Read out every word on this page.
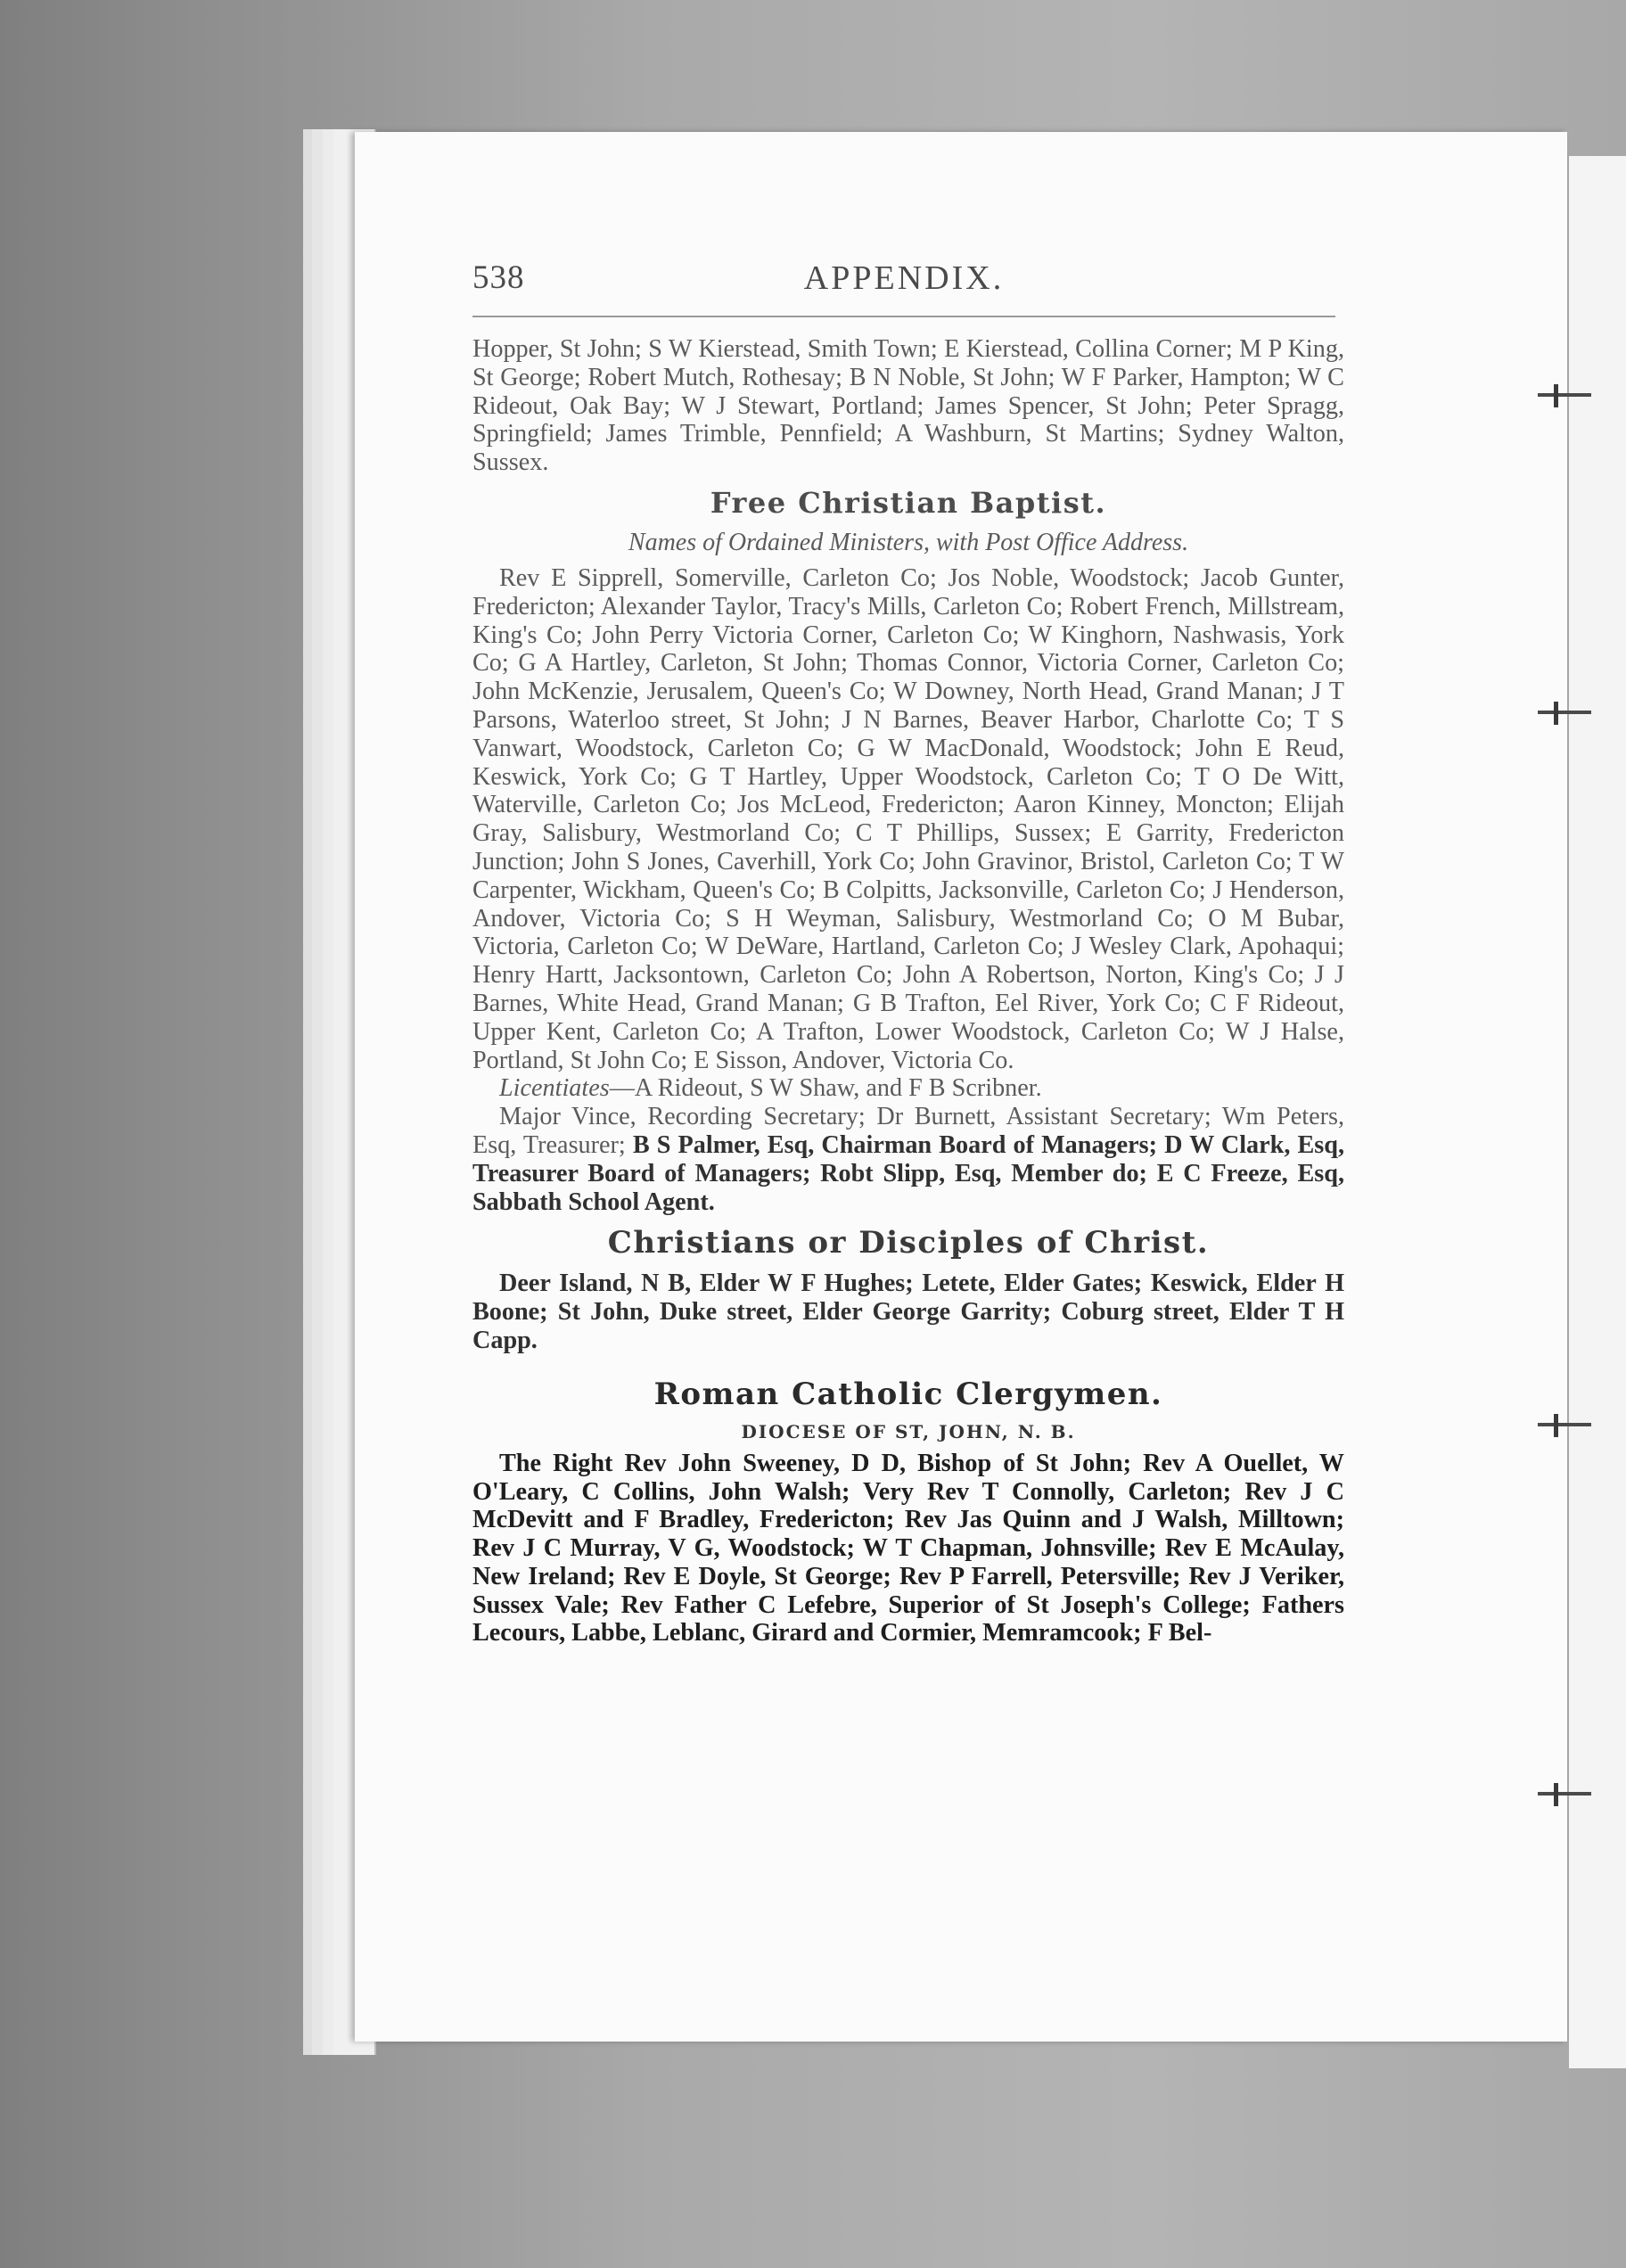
538	APPENDIX.

Hopper, St John; S W Kierstead, Smith Town; E Kierstead, Collina Corner; M P King, St George; Robert Mutch, Rothesay; B N Noble, St John; W F Parker, Hampton; W C Rideout, Oak Bay; W J Stewart, Portland; James Spencer, St John; Peter Spragg, Springfield; James Trimble, Pennfield; A Washburn, St Martins; Sydney Walton, Sussex.

Free Christian Baptist.
Names of Ordained Ministers, with Post Office Address.

Rev E Sipprell, Somerville, Carleton Co; Jos Noble, Woodstock; Jacob Gunter, Fredericton; Alexander Taylor, Tracy's Mills, Carleton Co; Robert French, Millstream, King's Co; John Perry Victoria Corner, Carleton Co; W Kinghorn, Nashwasis, York Co; G A Hartley, Carleton, St John; Thomas Connor, Victoria Corner, Carleton Co; John McKenzie, Jerusalem, Queen's Co; W Downey, North Head, Grand Manan; J T Parsons, Waterloo street, St John; J N Barnes, Beaver Harbor, Charlotte Co; T S Vanwart, Woodstock, Carleton Co; G W MacDonald, Woodstock; John E Reud, Keswick, York Co; G T Hartley, Upper Woodstock, Carleton Co; T O De Witt, Waterville, Carleton Co; Jos McLeod, Fredericton; Aaron Kinney, Moncton; Elijah Gray, Salisbury, Westmorland Co; C T Phillips, Sussex; E Garrity, Fredericton Junction; John S Jones, Caverhill, York Co; John Gravinor, Bristol, Carleton Co; T W Carpenter, Wickham, Queen's Co; B Colpitts, Jacksonville, Carleton Co; J Henderson, Andover, Victoria Co; S H Weyman, Salisbury, Westmorland Co; O M Bubar, Victoria, Carleton Co; W DeWare, Hartland, Carleton Co; J Wesley Clark, Apohaqui; Henry Hartt, Jacksontown, Carleton Co; John A Robertson, Norton, King's Co; J J Barnes, White Head, Grand Manan; G B Trafton, Eel River, York Co; C F Rideout, Upper Kent, Carleton Co; A Trafton, Lower Woodstock, Carleton Co; W J Halse, Portland, St John Co; E Sisson, Andover, Victoria Co.

Licentiates—A Rideout, S W Shaw, and F B Scribner.

Major Vince, Recording Secretary; Dr Burnett, Assistant Secretary; Wm Peters, Esq, Treasurer; B S Palmer, Esq, Chairman Board of Managers; D W Clark, Esq, Treasurer Board of Managers; Robt Slipp, Esq, Member do; E C Freeze, Esq, Sabbath School Agent.

Christians or Disciples of Christ.

Deer Island, N B, Elder W F Hughes; Letete, Elder Gates; Keswick, Elder H Boone; St John, Duke street, Elder George Garrity; Coburg street, Elder T H Capp.

Roman Catholic Clergymen.
DIOCESE OF ST, JOHN, N. B.

The Right Rev John Sweeney, D D, Bishop of St John; Rev A Ouellet, W O'Leary, C Collins, John Walsh; Very Rev T Connolly, Carleton; Rev J C McDevitt and F Bradley, Fredericton; Rev Jas Quinn and J Walsh, Milltown; Rev J C Murray, V G, Woodstock; W T Chapman, Johnsville; Rev E McAulay, New Ireland; Rev E Doyle, St George; Rev P Farrell, Petersville; Rev J Veriker, Sussex Vale; Rev Father C Lefebre, Superior of St Joseph's College; Fathers Lecours, Labbe, Leblanc, Girard and Cormier, Memramcook; F Bel-
